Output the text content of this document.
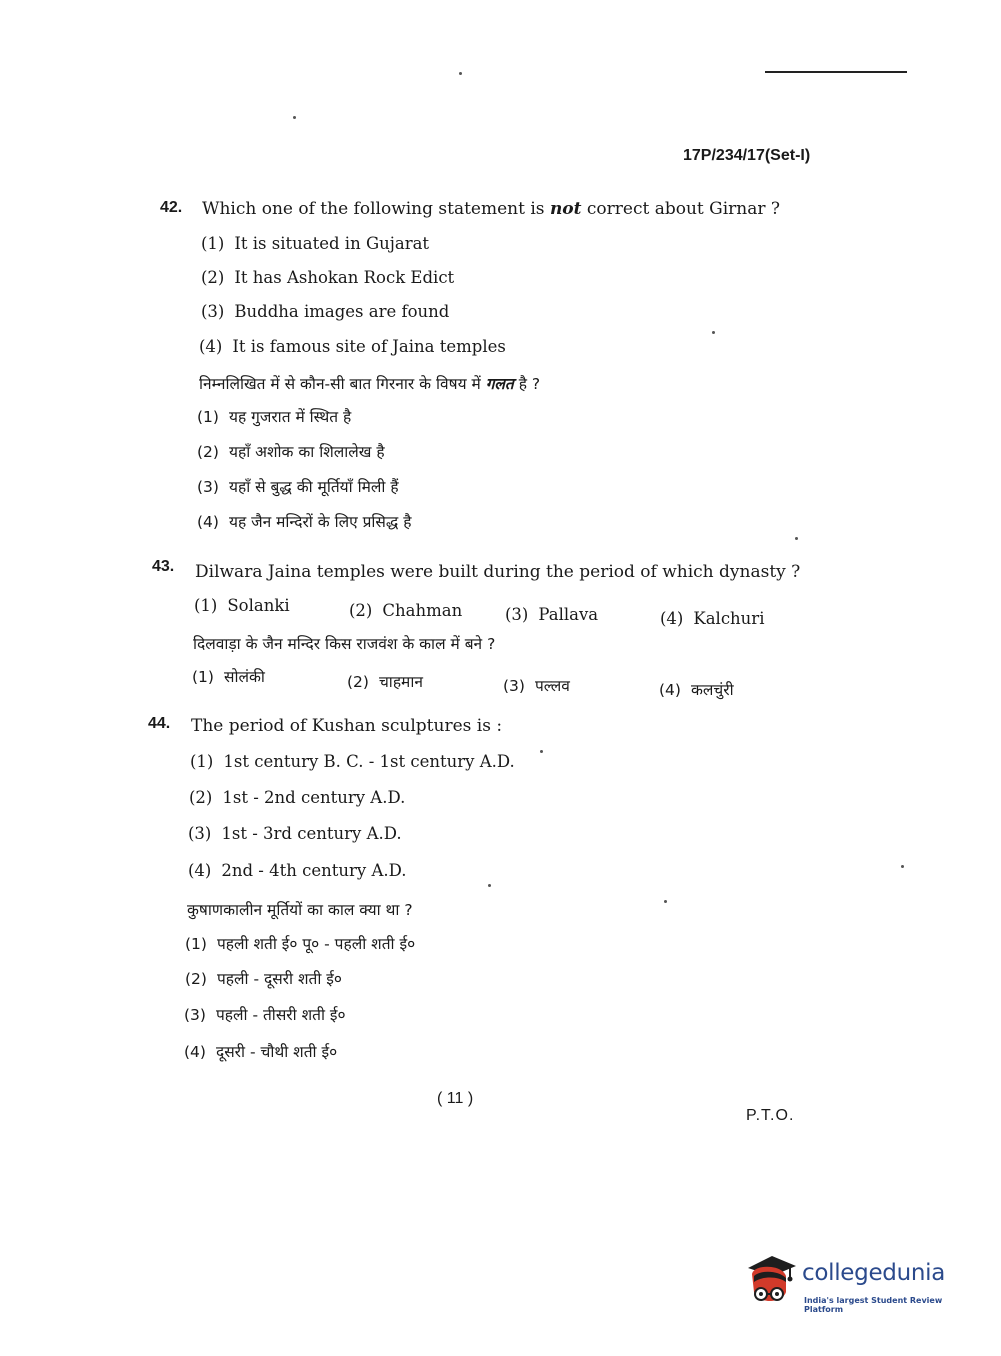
17P/234/17(Set-I)
42. Which one of the following statement is not correct about Girnar ?
(1) It is situated in Gujarat
(2) It has Ashokan Rock Edict
(3) Buddha images are found
(4) It is famous site of Jaina temples
निम्नलिखित में से कौन-सी बात गिरनार के विषय में गलत है ?
(1) यह गुजरात में स्थित है
(2) यहाँ अशोक का शिलालेख है
(3) यहाँ से बुद्ध की मूर्तियाँ मिली हैं
(4) यह जैन मन्दिरों के लिए प्रसिद्ध है
43. Dilwara Jaina temples were built during the period of which dynasty ?
(1) Solanki	(2) Chahman	(3) Pallava	(4) Kalchuri
दिलवाड़ा के जैन मन्दिर किस राजवंश के काल में बने ?
(1) सोलंकी	(2) चाहमान	(3) पल्लव	(4) कलचुंरी
44. The period of Kushan sculptures is :
(1) 1st century B. C. - 1st century A.D.
(2) 1st - 2nd century A.D.
(3) 1st - 3rd century A.D.
(4) 2nd - 4th century A.D.
कुषाणकालीन मूर्तियों का काल क्या था ?
(1) पहली शती ई० पू० - पहली शती ई०
(2) पहली - दूसरी शती ई०
(3) पहली - तीसरी शती ई०
(4) दूसरी - चौथी शती ई०
( 11 )
P.T.O.
collegedunia
India's largest Student Review Platform
